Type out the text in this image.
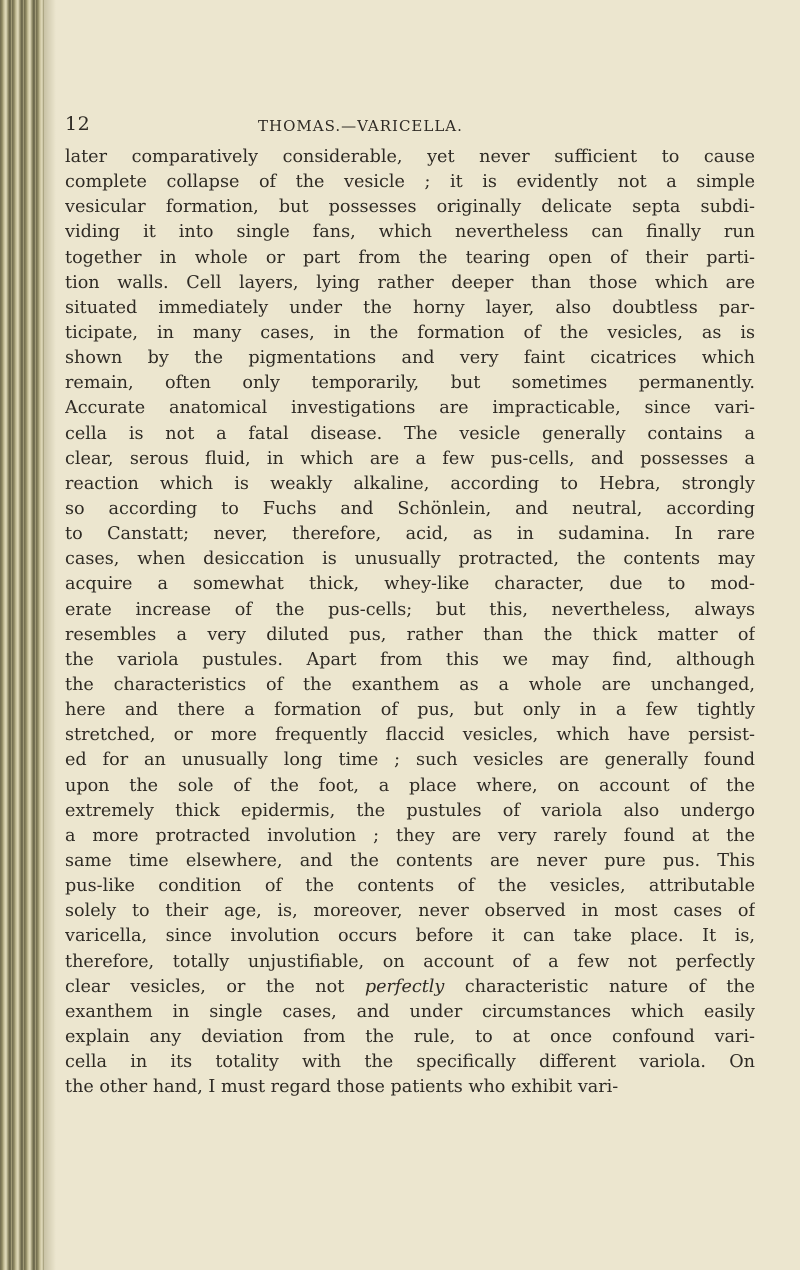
12	THOMAS.—VARICELLA.
later comparatively considerable, yet never sufficient to cause
complete collapse of the vesicle ; it is evidently not a simple
vesicular formation, but possesses originally delicate septa subdi-
viding it into single fans, which nevertheless can finally run
together in whole or part from the tearing open of their parti-
tion walls. Cell layers, lying rather deeper than those which are
situated immediately under the horny layer, also doubtless par-
ticipate, in many cases, in the formation of the vesicles, as is
shown by the pigmentations and very faint cicatrices which
remain, often only temporarily, but sometimes permanently.
Accurate anatomical investigations are impracticable, since vari-
cella is not a fatal disease. The vesicle generally contains a
clear, serous fluid, in which are a few pus-cells, and possesses a
reaction which is weakly alkaline, according to Hebra, strongly
so according to Fuchs and Schönlein, and neutral, according
to Canstatt; never, therefore, acid, as in sudamina. In rare
cases, when desiccation is unusually protracted, the contents may
acquire a somewhat thick, whey-like character, due to mod-
erate increase of the pus-cells; but this, nevertheless, always
resembles a very diluted pus, rather than the thick matter of
the variola pustules. Apart from this we may find, although
the characteristics of the exanthem as a whole are unchanged,
here and there a formation of pus, but only in a few tightly
stretched, or more frequently flaccid vesicles, which have persist-
ed for an unusually long time ; such vesicles are generally found
upon the sole of the foot, a place where, on account of the
extremely thick epidermis, the pustules of variola also undergo
a more protracted involution ; they are very rarely found at the
same time elsewhere, and the contents are never pure pus. This
pus-like condition of the contents of the vesicles, attributable
solely to their age, is, moreover, never observed in most cases of
varicella, since involution occurs before it can take place. It is,
therefore, totally unjustifiable, on account of a few not perfectly
clear vesicles, or the not perfectly characteristic nature of the
exanthem in single cases, and under circumstances which easily
explain any deviation from the rule, to at once confound vari-
cella in its totality with the specifically different variola. On
the other hand, I must regard those patients who exhibit vari-
